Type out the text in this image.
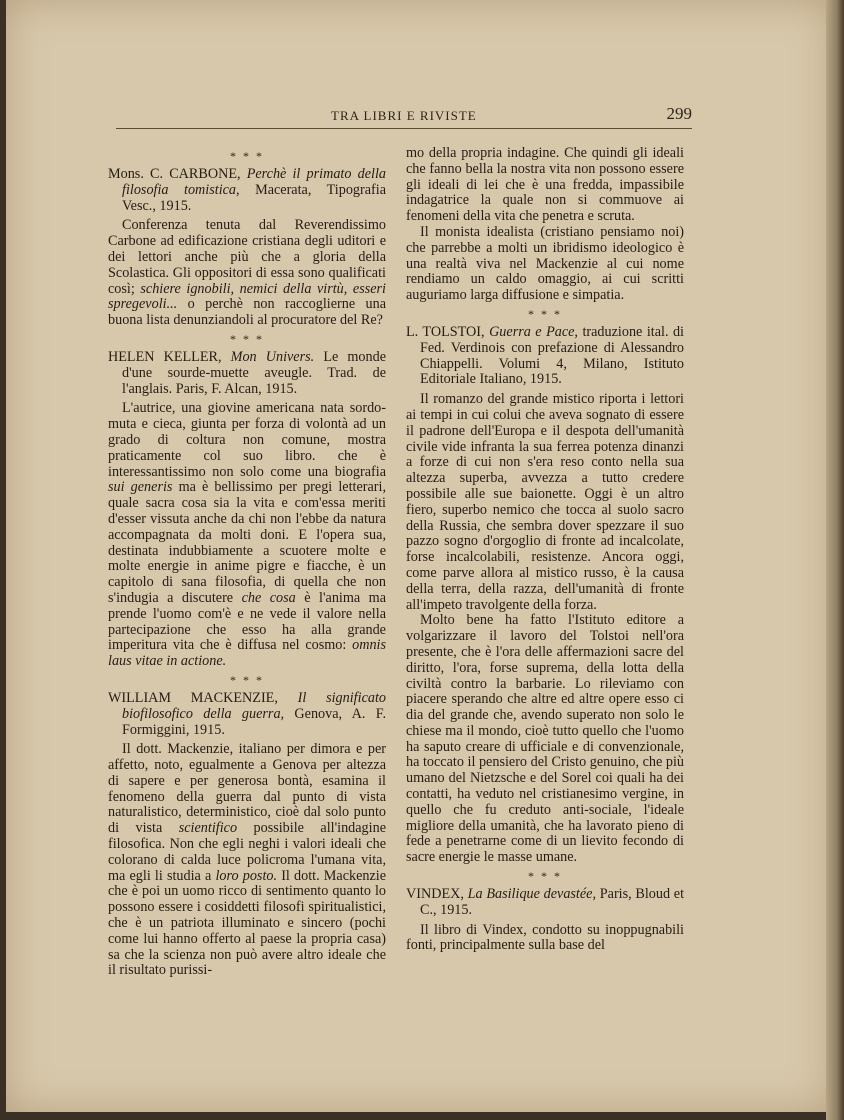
TRA LIBRI E RIVISTE	299
* * *

Mons. C. CARBONE, Perchè il primato della filosofia tomistica, Macerata, Tipografia Vesc., 1915.

Conferenza tenuta dal Reverendissimo Carbone ad edificazione cristiana degli uditori e dei lettori anche più che a gloria della Scolastica. Gli oppositori di essa sono qualificati così; schiere ignobili, nemici della virtù, esseri spregevoli... o perchè non raccoglierne una buona lista denunziandoli al procuratore del Re?

* * *

HELEN KELLER, Mon Univers. Le monde d'une sourde-muette aveugle. Trad. de l'anglais. Paris, F. Alcan, 1915.

L'autrice, una giovine americana nata sordo-muta e cieca, giunta per forza di volontà ad un grado di coltura non comune, mostra praticamente col suo libro. che è interessantissimo non solo come una biografia sui generis ma è bellissimo per pregi letterari, quale sacra cosa sia la vita e com'essa meriti d'esser vissuta anche da chi non l'ebbe da natura accompagnata da molti doni. E l'opera sua, destinata indubbiamente a scuotere molte e molte energie in anime pigre e fiacche, è un capitolo di sana filosofia, di quella che non s'indugia a discutere che cosa è l'anima ma prende l'uomo com'è e ne vede il valore nella partecipazione che esso ha alla grande imperitura vita che è diffusa nel cosmo: omnis laus vitae in actione.

* * *

WILLIAM MACKENZIE, Il significato biofilosofico della guerra, Genova, A. F. Formiggini, 1915.

Il dott. Mackenzie, italiano per dimora e per affetto, noto, egualmente a Genova per altezza di sapere e per generosa bontà, esamina il fenomeno della guerra dal punto di vista naturalistico, deterministico, cioè dal solo punto di vista scientifico possibile all'indagine filosofica. Non che egli neghi i valori ideali che colorano di calda luce policroma l'umana vita, ma egli li studia a loro posto. Il dott. Mackenzie che è poi un uomo ricco di sentimento quanto lo possono essere i cosiddetti filosofi spiritualistici, che è un patriota illuminato e sincero (pochi come lui hanno offerto al paese la propria casa) sa che la scienza non può avere altro ideale che il risultato purissi-

mo della propria indagine. Che quindi gli ideali che fanno bella la nostra vita non possono essere gli ideali di lei che è una fredda, impassibile indagatrice la quale non si commuove ai fenomeni della vita che penetra e scruta.

Il monista idealista (cristiano pensiamo noi) che parrebbe a molti un ibridismo ideologico è una realtà viva nel Mackenzie al cui nome rendiamo un caldo omaggio, ai cui scritti auguriamo larga diffusione e simpatia.

* * *

L. TOLSTOI, Guerra e Pace, traduzione ital. di Fed. Verdinois con prefazione di Alessandro Chiappelli. Volumi 4, Milano, Istituto Editoriale Italiano, 1915.

Il romanzo del grande mistico riporta i lettori ai tempi in cui colui che aveva sognato di essere il padrone dell'Europa e il despota dell'umanità civile vide infranta la sua ferrea potenza dinanzi a forze di cui non s'era reso conto nella sua altezza superba, avvezza a tutto credere possibile alle sue baionette. Oggi è un altro fiero, superbo nemico che tocca al suolo sacro della Russia, che sembra dover spezzare il suo pazzo sogno d'orgoglio di fronte ad incalcolate, forse incalcolabili, resistenze. Ancora oggi, come parve allora al mistico russo, è la causa della terra, della razza, dell'umanità di fronte all'impeto travolgente della forza.

Molto bene ha fatto l'Istituto editore a volgarizzare il lavoro del Tolstoi nell'ora presente, che è l'ora delle affermazioni sacre del diritto, l'ora, forse suprema, della lotta della civiltà contro la barbarie. Lo rileviamo con piacere sperando che altre ed altre opere esso ci dia del grande che, avendo superato non solo le chiese ma il mondo, cioè tutto quello che l'uomo ha saputo creare di ufficiale e di convenzionale, ha toccato il pensiero del Cristo genuino, che più umano del Nietzsche e del Sorel coi quali ha dei contatti, ha veduto nel cristianesimo vergine, in quello che fu creduto anti-sociale, l'ideale migliore della umanità, che ha lavorato pieno di fede a penetrarne come di un lievito fecondo di sacre energie le masse umane.

* * *

VINDEX, La Basilique devastée, Paris, Bloud et C., 1915.

Il libro di Vindex, condotto su inoppugnabili fonti, principalmente sulla base del
